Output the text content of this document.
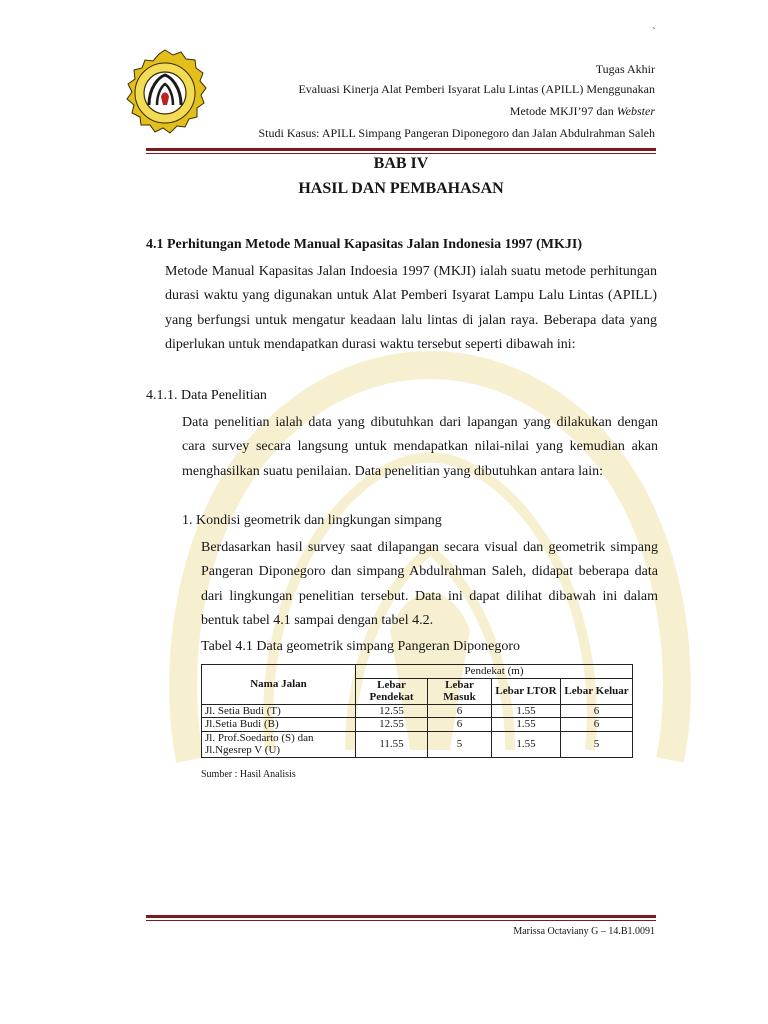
`
Tugas Akhir
Evaluasi Kinerja Alat Pemberi Isyarat Lalu Lintas (APILL) Menggunakan
Metode MKJI’97 dan Webster
Studi Kasus: APILL Simpang Pangeran Diponegoro dan Jalan Abdulrahman Saleh
BAB IV
HASIL DAN PEMBAHASAN
4.1 Perhitungan Metode Manual Kapasitas Jalan Indonesia 1997 (MKJI)
Metode Manual Kapasitas Jalan Indoesia 1997 (MKJI) ialah suatu metode perhitungan durasi waktu yang digunakan untuk Alat Pemberi Isyarat Lampu Lalu Lintas (APILL) yang berfungsi untuk mengatur keadaan lalu lintas di jalan raya. Beberapa data yang diperlukan untuk mendapatkan durasi waktu tersebut seperti dibawah ini:
4.1.1. Data Penelitian
Data penelitian ialah data yang dibutuhkan dari lapangan yang dilakukan dengan cara survey secara langsung untuk mendapatkan nilai-nilai yang kemudian akan menghasilkan suatu penilaian. Data penelitian yang dibutuhkan antara lain:
1. Kondisi geometrik dan lingkungan simpang
Berdasarkan hasil survey saat dilapangan secara visual dan geometrik simpang Pangeran Diponegoro dan simpang Abdulrahman Saleh, didapat beberapa data dari lingkungan penelitian tersebut. Data ini dapat dilihat dibawah ini dalam bentuk tabel 4.1 sampai dengan tabel 4.2.
Tabel 4.1 Data geometrik simpang Pangeran Diponegoro
Nama Jalan	Pendekat (m)			
	Lebar Pendekat	Lebar Masuk	Lebar LTOR	Lebar Keluar
Jl. Setia Budi (T)	12.55	6	1.55	6
Jl.Setia Budi (B)	12.55	6	1.55	6

Jl. Prof.Soedarto (S) dan
Jl.Ngesrep V (U)	11.55	5	1.55	5
Sumber : Hasil Analisis
Marissa Octaviany G – 14.B1.0091
